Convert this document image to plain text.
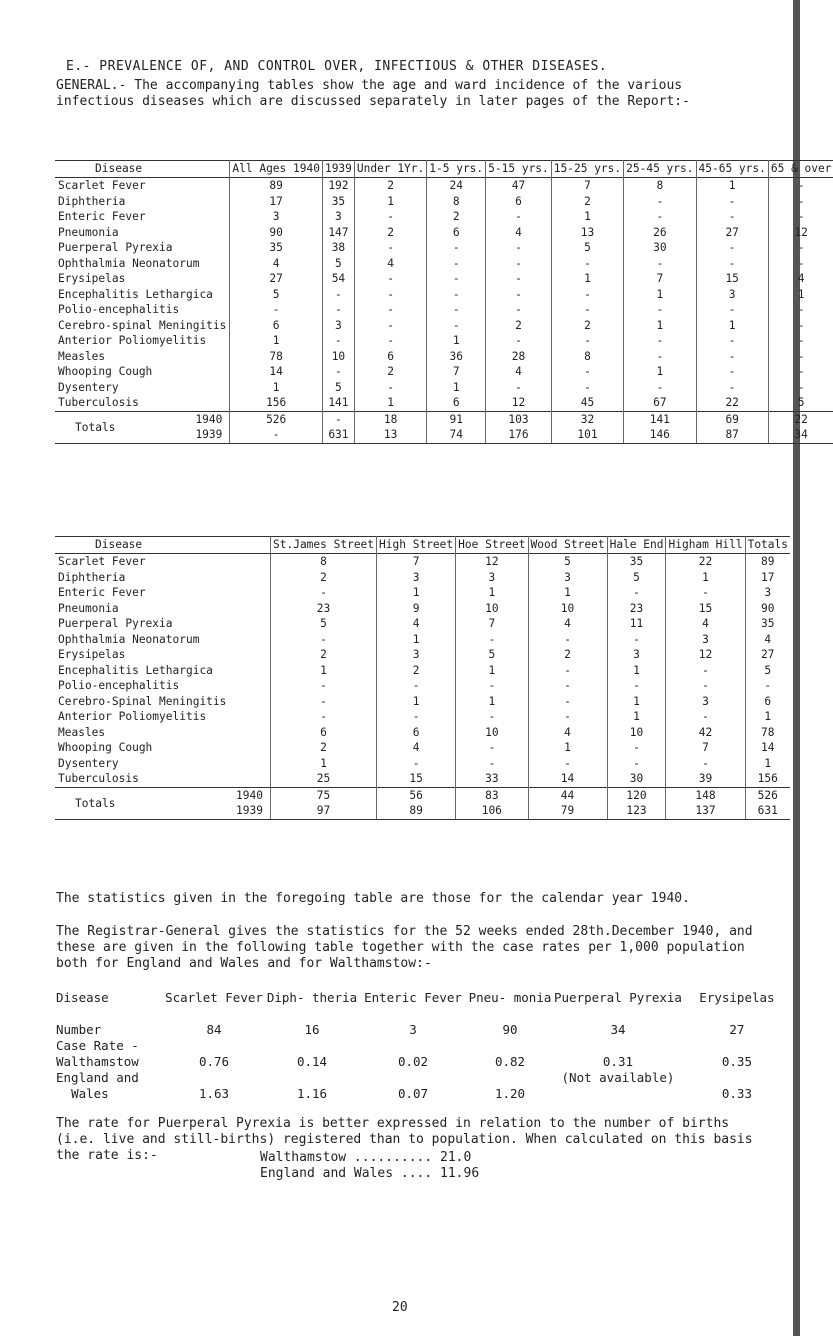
E.- PREVALENCE OF, AND CONTROL OVER, INFECTIOUS & OTHER DISEASES.
GENERAL.- The accompanying tables show the age and ward incidence of the various infectious diseases which are discussed separately in later pages of the Report:-
Disease	All Ages 1940	1939	Under 1Yr.	1-5 yrs.	5-15 yrs.	15-25 yrs.	25-45 yrs.	45-65 yrs.	65 & over
Scarlet Fever	89	192	2	24	47	7	8	1	-
Diphtheria	17	35	1	8	6	2	-	-	-
Enteric Fever	3	3	-	2	-	1	-	-	-
Pneumonia	90	147	2	6	4	13	26	27	12
Puerperal Pyrexia	35	38	-	-	-	5	30	-	-
Ophthalmia Neonatorum	4	5	4	-	-	-	-	-	-
Erysipelas	27	54	-	-	-	1	7	15	4
Encephalitis Lethargica	5	-	-	-	-	-	1	3	1
Polio-encephalitis	-	-	-	-	-	-	-	-	-
Cerebro-spinal Meningitis	6	3	-	-	2	2	1	1	-
Anterior Poliomyelitis	1	-	-	1	-	-	-	-	-
Measles	78	10	6	36	28	8	-	-	-
Whooping Cough	14	-	2	7	4	-	1	-	-
Dysentery	1	5	-	1	-	-	-	-	-
Tuberculosis	156	141	1	6	12	45	67	22	5
Totals
1940	526	-	18	91	103	32	141	69	22

1939	-	631	13	74	176	101	146	87	34
Disease	St.James Street	High Street	Hoe Street	Wood Street	Hale End	Higham Hill	Totals
Scarlet Fever	8	7	12	5	35	22	89
Diphtheria	2	3	3	3	5	1	17
Enteric Fever	-	1	1	1	-	-	3
Pneumonia	23	9	10	10	23	15	90
Puerperal Pyrexia	5	4	7	4	11	4	35
Ophthalmia Neonatorum	-	1	-	-	-	3	4
Erysipelas	2	3	5	2	3	12	27
Encephalitis Lethargica	1	2	1	-	1	-	5
Polio-encephalitis	-	-	-	-	-	-	-
Cerebro-Spinal Meningitis	-	1	1	-	1	3	6
Anterior Poliomyelitis	-	-	-	-	1	-	1
Measles	6	6	10	4	10	42	78
Whooping Cough	2	4	-	1	-	7	14
Dysentery	1	-	-	-	-	-	1
Tuberculosis	25	15	33	14	30	39	156
Totals
1940	75	56	83	44	120	148	526

1939	97	89	106	79	123	137	631
The statistics given in the foregoing table are those for the calendar year 1940.
The Registrar-General gives the statistics for the 52 weeks ended 28th.December 1940, and these are given in the following table together with the case rates per 1,000 population both for England and Wales and for Walthamstow:-
Disease	Scarlet Fever	Diph- theria	Enteric Fever	Pneu- monia	Puerperal Pyrexia	Erysipelas
Number	84	16	3	90	34	27
Case Rate -						
Walthamstow	0.76	0.14	0.02	0.82	0.31	0.35
England and
Wales	1.63	1.16	0.07	1.20	(Not available)	0.33
The rate for Puerperal Pyrexia is better expressed in relation to the number of births (i.e. live and still-births) registered than to population. When calculated on this basis the rate is:-	Walthamstow .......... 21.0
England and Wales .... 11.96
20
